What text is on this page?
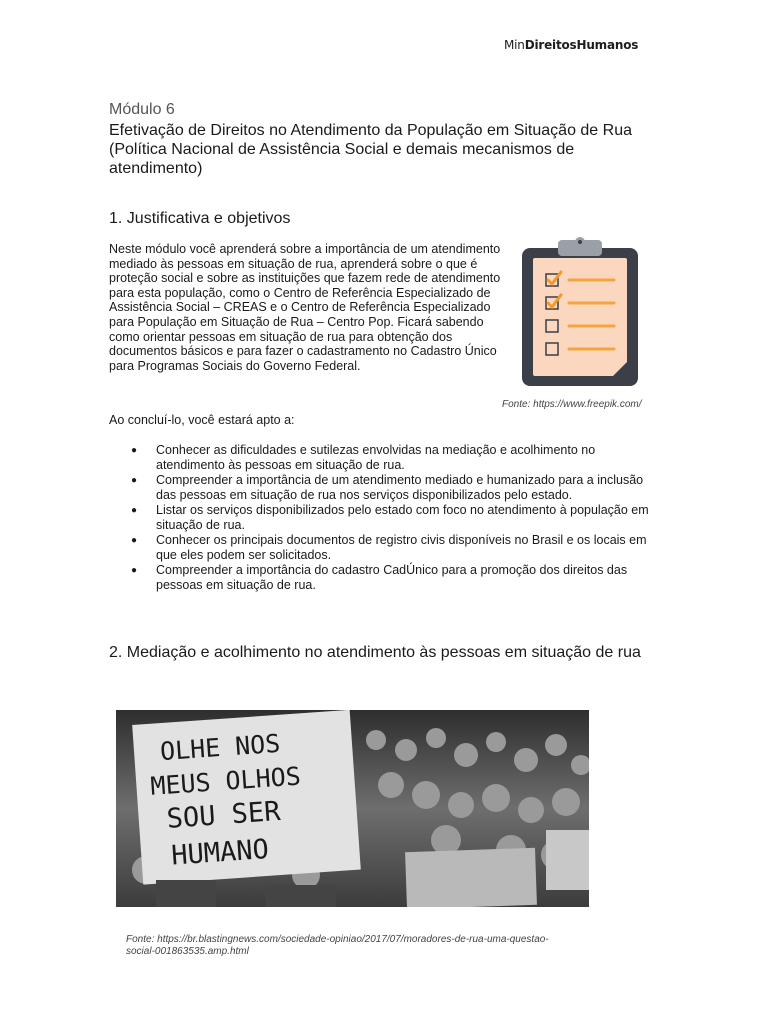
MinDireitosHumanos
Módulo 6
Efetivação de Direitos no Atendimento da População em Situação de Rua (Política Nacional de Assistência Social e demais mecanismos de atendimento)
1. Justificativa e objetivos

Neste módulo você aprenderá sobre a importância de um atendimento mediado às pessoas em situação de rua, aprenderá sobre o que é proteção social e sobre as instituições que fazem rede de atendimento para esta população, como o Centro de Referência Especializado de Assistência Social – CREAS e o Centro de Referência Especializado para População em Situação de Rua – Centro Pop. Ficará sabendo como orientar pessoas em situação de rua para obtenção dos documentos básicos e para fazer o cadastramento no Cadastro Único para Programas Sociais do Governo Federal.

Fonte: https://www.freepik.com/
Ao concluí-lo, você estará apto a:
● Conhecer as dificuldades e sutilezas envolvidas na mediação e acolhimento no atendimento às pessoas em situação de rua.
● Compreender a importância de um atendimento mediado e humanizado para a inclusão das pessoas em situação de rua nos serviços disponibilizados pelo estado.
● Listar os serviços disponibilizados pelo estado com foco no atendimento à população em situação de rua.
● Conhecer os principais documentos de registro civis disponíveis no Brasil e os locais em que eles podem ser solicitados.
● Compreender a importância do cadastro CadÚnico para a promoção dos direitos das pessoas em situação de rua.
2. Mediação e acolhimento no atendimento às pessoas em situação de rua
OLHE NOS
MEUS OLHOS
SOU SER
HUMANO
Fonte: https://br.blastingnews.com/sociedade-opiniao/2017/07/moradores-de-rua-uma-questao-social-001863535.amp.html
